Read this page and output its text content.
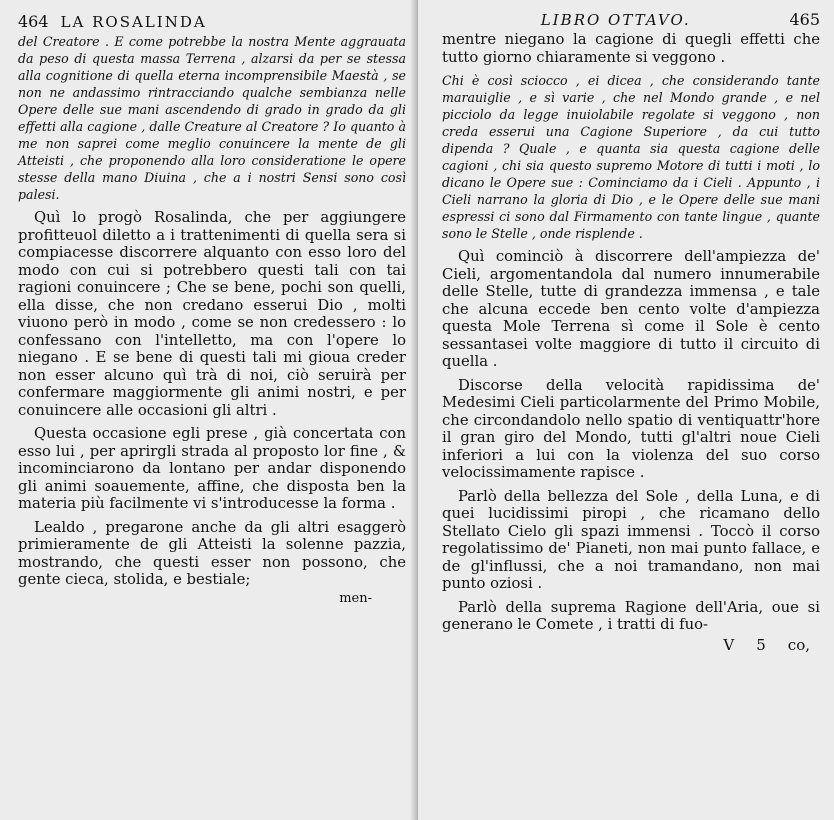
464 LA ROSALINDA

del Creatore . E come potrebbe la nostra Mente aggrauata da peso di questa massa Terrena , alzarsi da per se stessa alla cognitione di quella eterna incomprensibile Maestà , se non ne andassimo rintracciando qualche sembianza nelle Opere delle sue mani ascendendo di grado in grado da gli effetti alla cagione , dalle Creature al Creatore ? Io quanto à me non saprei come meglio conuincere la mente de gli Atteisti , che proponendo alla loro consideratione le opere stesse della mano Diuina , che a i nostri Sensi sono così palesi.

Quì lo progò Rosalinda, che per aggiungere profitteuol diletto a i trattenimenti di quella sera si compiacesse discorrere alquanto con esso loro del modo con cui si potrebbero questi tali con tai ragioni conuincere ; Che se bene, pochi son quelli, ella disse, che non credano esserui Dio , molti viuono però in modo , come se non credessero : lo confessano con l'intelletto, ma con l'opere lo niegano . E se bene di questi tali mi gioua creder non esser alcuno quì trà di noi, ciò seruirà per confermare maggiormente gli animi nostri, e per conuincere alle occasioni gli altri .

Questa occasione egli prese , già concertata con esso lui , per aprirgli strada al proposto lor fine , & incominciarono da lontano per andar disponendo gli animi soauemente, affine, che disposta ben la materia più facilmente vi s'introducesse la forma .

Lealdo , pregarone anche da gli altri esaggerò primieramente de gli Atteisti la solenne pazzia, mostrando, che questi esser non possono, che gente cieca, stolida, e bestiale;

men-
LIBRO OTTAVO.	465

mentre niegano la cagione di quegli effetti che tutto giorno chiaramente si veggono .

Chi è così sciocco , ei dicea , che considerando tante marauiglie , e sì varie , che nel Mondo grande , e nel picciolo da legge inuiolabile regolate si veggono , non creda esserui una Cagione Superiore , da cui tutto dipenda ? Quale , e quanta sia questa cagione delle cagioni , chi sia questo supremo Motore di tutti i moti , lo dicano le Opere sue : Cominciamo da i Cieli . Appunto , i Cieli narrano la gloria di Dio , e le Opere delle sue mani espressi ci sono dal Firmamento con tante lingue , quante sono le Stelle , onde risplende .

Quì cominciò à discorrere dell'ampiezza de' Cieli, argomentandola dal numero innumerabile delle Stelle, tutte di grandezza immensa , e tale che alcuna eccede ben cento volte d'ampiezza questa Mole Terrena sì come il Sole è cento sessantasei volte maggiore di tutto il circuito di quella .

Discorse della velocità rapidissima de' Medesimi Cieli particolarmente del Primo Mobile, che circondandolo nello spatio di ventiquattr'hore il gran giro del Mondo, tutti gl'altri noue Cieli inferiori a lui con la violenza del suo corso velocissimamente rapisce .

Parlò della bellezza del Sole , della Luna, e di quei lucidissimi piropi , che ricamano dello Stellato Cielo gli spazi immensi . Toccò il corso regolatissimo de' Pianeti, non mai punto fallace, e de gl'influssi, che a noi tramandano, non mai punto oziosi .

Parlò della suprema Ragione dell'Aria, oue si generano le Comete , i tratti di fuo-

V 5 co,
